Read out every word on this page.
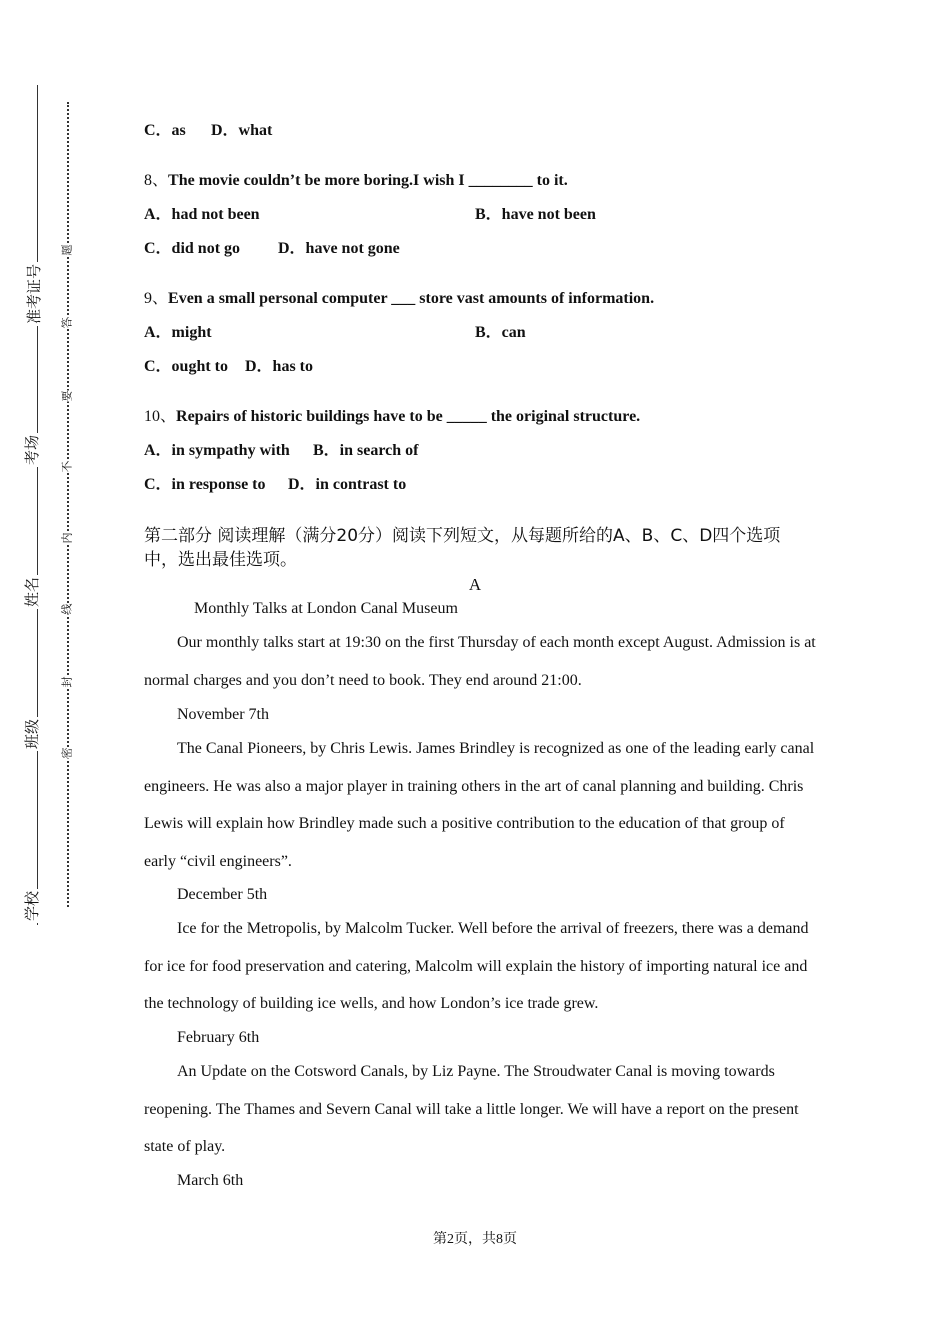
准考证号
考场
姓名
班级
学校
题
答
要
不
内
线
封
密
C．as D．what
8、The movie couldn’t be more boring.I wish I ________ to it.
A．had not been	B．have not been
C．did not go D．have not gone
9、Even a small personal computer ___ store vast amounts of information.
A．might	B．can
C．ought to D．has to
10、Repairs of historic buildings have to be _____ the original structure.
A．in sympathy with B．in search of
C．in response to D．in contrast to
第二部分 阅读理解（满分20分）阅读下列短文，从每题所给的A、B、C、D四个选项中，选出最佳选项。
A
Monthly Talks at London Canal Museum

Our monthly talks start at 19:30 on the first Thursday of each month except August. Admission is at normal charges and you don’t need to book. They end around 21:00.

November 7th

The Canal Pioneers, by Chris Lewis. James Brindley is recognized as one of the leading early canal engineers. He was also a major player in training others in the art of canal planning and building. Chris Lewis will explain how Brindley made such a positive contribution to the education of that group of early “civil engineers”.

December 5th

Ice for the Metropolis, by Malcolm Tucker. Well before the arrival of freezers, there was a demand for ice for food preservation and catering, Malcolm will explain the history of importing natural ice and the technology of building ice wells, and how London’s ice trade grew.

February 6th

An Update on the Cotsword Canals, by Liz Payne. The Stroudwater Canal is moving towards reopening. The Thames and Severn Canal will take a little longer. We will have a report on the present state of play.

March 6th
第2页，共8页
